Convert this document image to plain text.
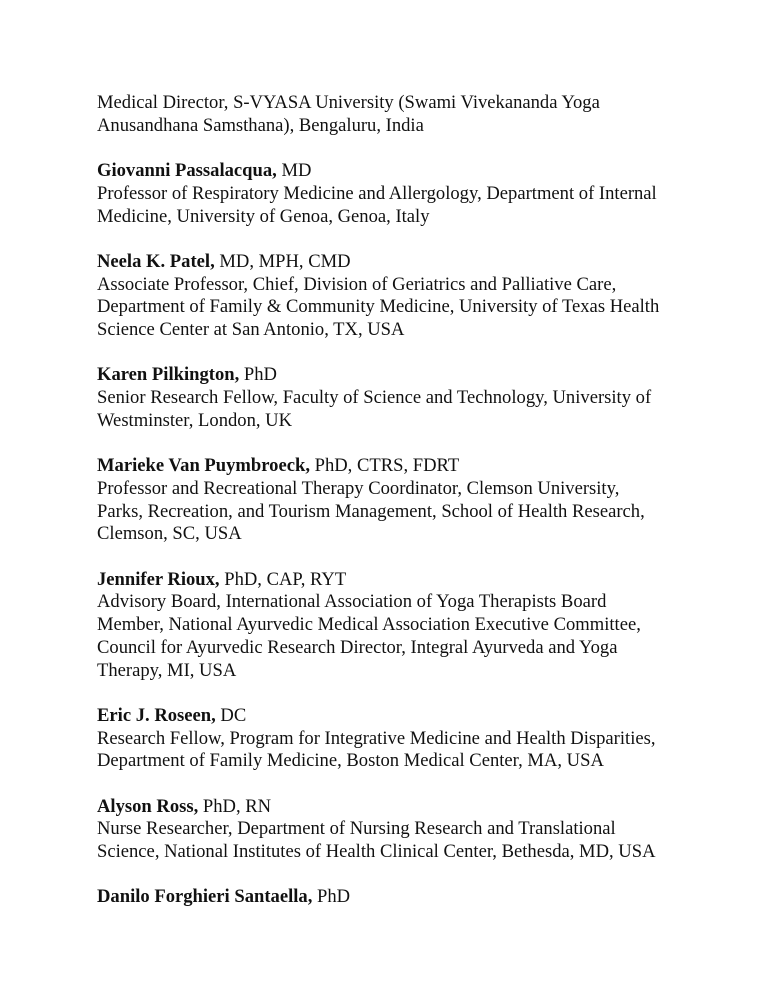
Medical Director, S-VYASA University (Swami Vivekananda Yoga
Anusandhana Samsthana), Bengaluru, India
Giovanni Passalacqua, MD
Professor of Respiratory Medicine and Allergology, Department of Internal
Medicine, University of Genoa, Genoa, Italy
Neela K. Patel, MD, MPH, CMD
Associate Professor, Chief, Division of Geriatrics and Palliative Care,
Department of Family & Community Medicine, University of Texas Health
Science Center at San Antonio, TX, USA
Karen Pilkington, PhD
Senior Research Fellow, Faculty of Science and Technology, University of
Westminster, London, UK
Marieke Van Puymbroeck, PhD, CTRS, FDRT
Professor and Recreational Therapy Coordinator, Clemson University,
Parks, Recreation, and Tourism Management, School of Health Research,
Clemson, SC, USA
Jennifer Rioux, PhD, CAP, RYT
Advisory Board, International Association of Yoga Therapists Board
Member, National Ayurvedic Medical Association Executive Committee,
Council for Ayurvedic Research Director, Integral Ayurveda and Yoga
Therapy, MI, USA
Eric J. Roseen, DC
Research Fellow, Program for Integrative Medicine and Health Disparities,
Department of Family Medicine, Boston Medical Center, MA, USA
Alyson Ross, PhD, RN
Nurse Researcher, Department of Nursing Research and Translational
Science, National Institutes of Health Clinical Center, Bethesda, MD, USA
Danilo Forghieri Santaella, PhD
